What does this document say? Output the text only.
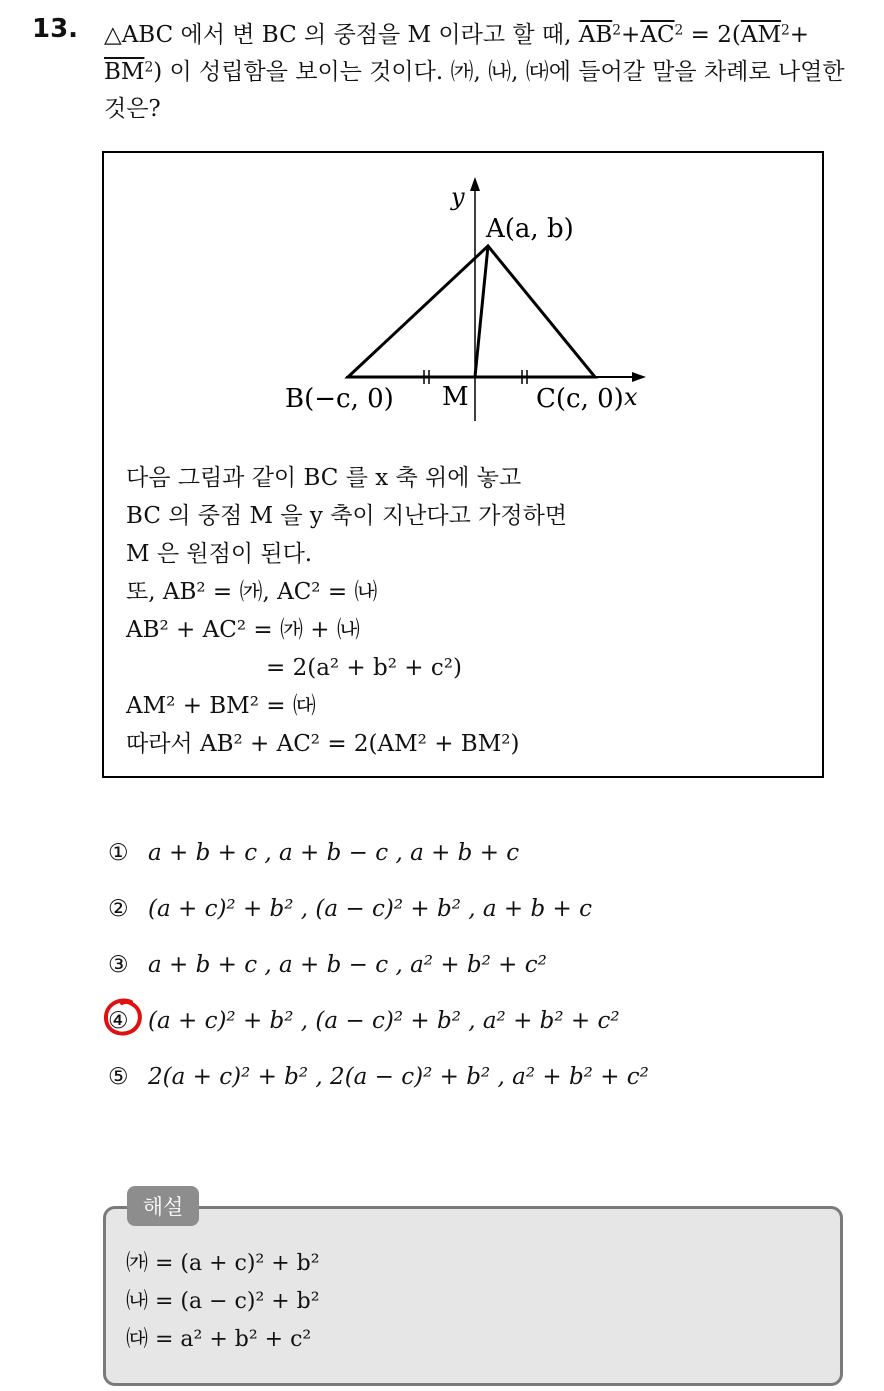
13. △ABC 에서 변 BC 의 중점을 M 이라고 할 때, $\overline{AB}^2+\overline{AC}^2 = 2(\overline{AM}^2+ \overline{BM}^2)$ 이 성립함을 보이는 것이다. ㈎, ㈏, ㈐에 들어갈 말을 차례로 나열한 것은?
y
x
A(a, b)
B(−c, 0) M	C(c, 0)
다음 그림과 같이 BC 를 x 축 위에 놓고
BC 의 중점 M 을 y 축이 지난다고 가정하면
M 은 원점이 된다.
또, AB² = ㈎, AC² = ㈏
AB² + AC² = ㈎ + ㈏
= 2(a² + b² + c²)
AM² + BM² = ㈐
따라서 AB² + AC² = 2(AM² + BM²)
① a + b + c , a + b − c , a + b + c
② (a + c)² + b² , (a − c)² + b² , a + b + c
③ a + b + c , a + b − c , a² + b² + c²
④ (a + c)² + b² , (a − c)² + b² , a² + b² + c²
⑤ 2(a + c)² + b² , 2(a − c)² + b² , a² + b² + c²
㈎ = (a + c)² + b²
㈏ = (a − c)² + b²
㈐ = a² + b² + c²
해설
